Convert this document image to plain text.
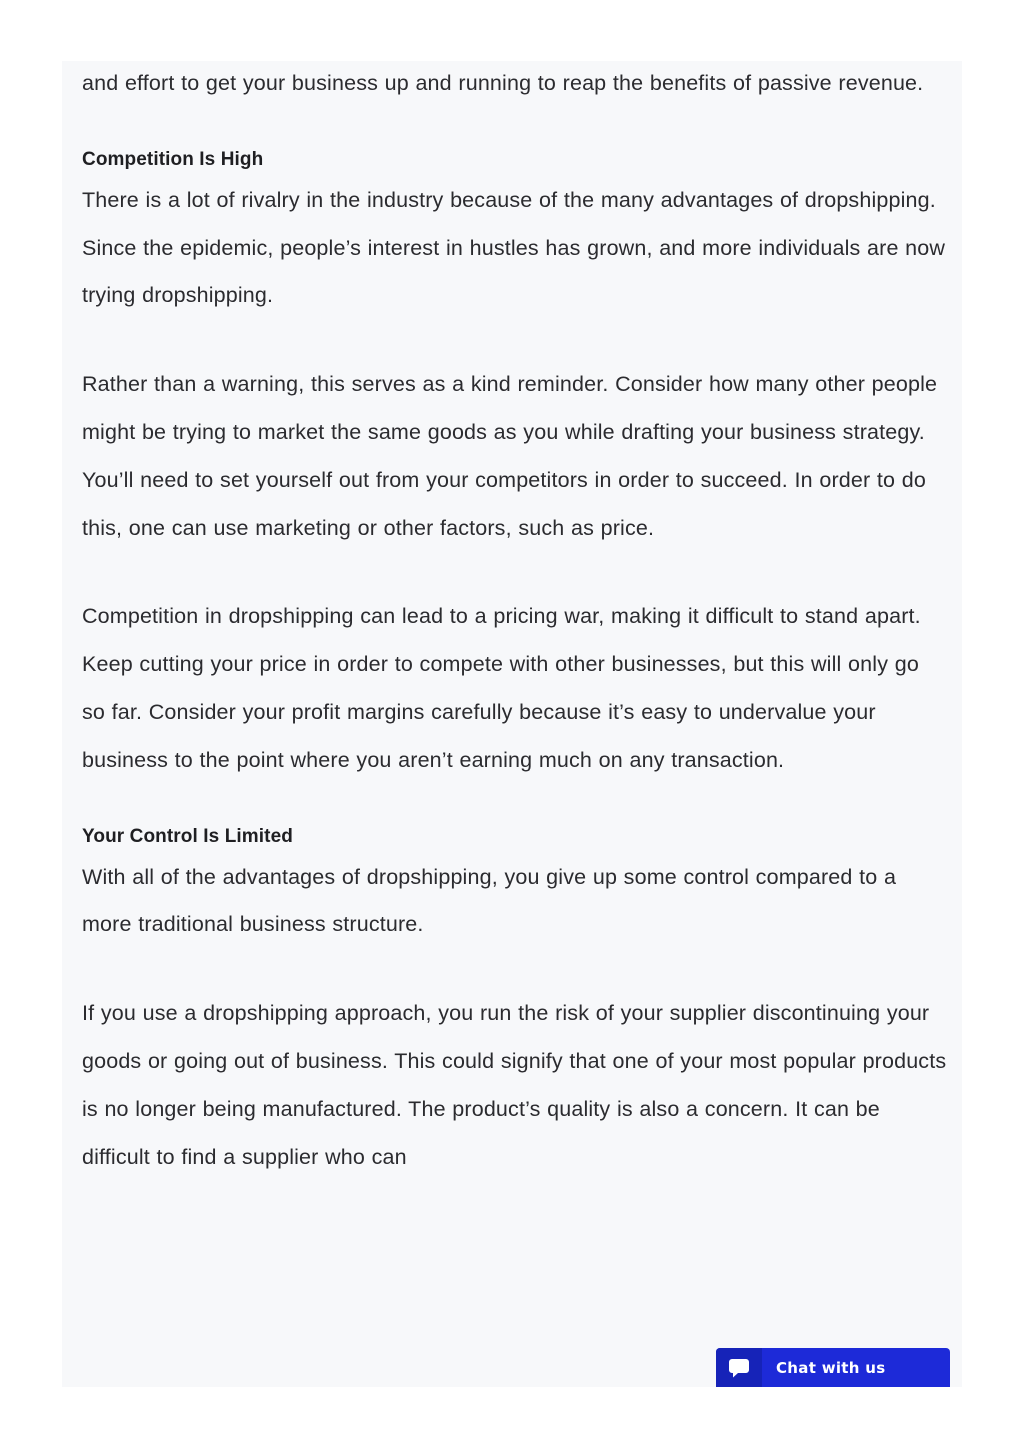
and effort to get your business up and running to reap the benefits of passive revenue.

Competition Is High

There is a lot of rivalry in the industry because of the many advantages of dropshipping. Since the epidemic, people’s interest in hustles has grown, and more individuals are now trying dropshipping.

Rather than a warning, this serves as a kind reminder. Consider how many other people might be trying to market the same goods as you while drafting your business strategy. You’ll need to set yourself out from your competitors in order to succeed. In order to do this, one can use marketing or other factors, such as price.

Competition in dropshipping can lead to a pricing war, making it difficult to stand apart. Keep cutting your price in order to compete with other businesses, but this will only go so far. Consider your profit margins carefully because it’s easy to undervalue your business to the point where you aren’t earning much on any transaction.

Your Control Is Limited

With all of the advantages of dropshipping, you give up some control compared to a more traditional business structure.

If you use a dropshipping approach, you run the risk of your supplier discontinuing your goods or going out of business. This could signify that one of your most popular products is no longer being manufactured. The product’s quality is also a concern. It can be difficult to find a supplier who can

Chat with us
